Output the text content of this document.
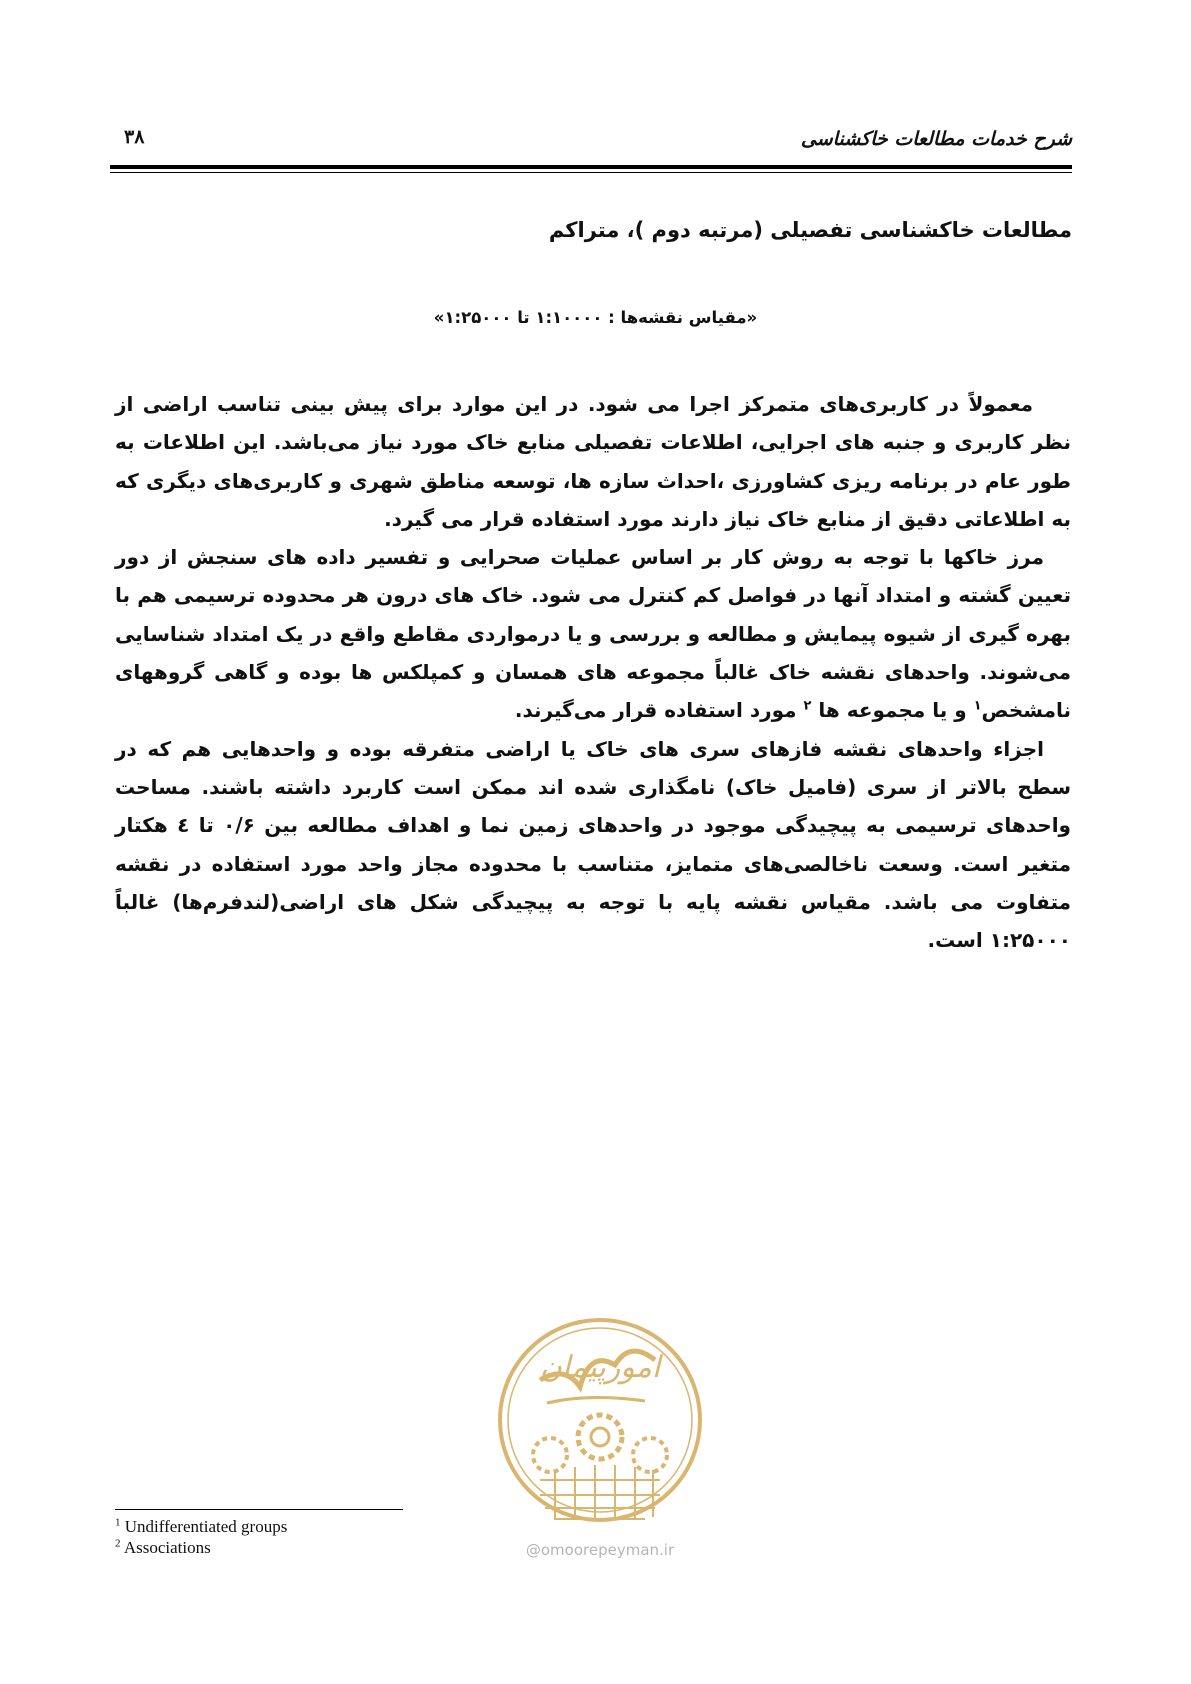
شرح خدمات مطالعات خاکشناسی
۳۸
مطالعات خاکشناسی تفصیلی (مرتبه دوم )، متراکم
«مقیاس نقشه‌ها : ۱:۱۰۰۰۰ تا ۱:۲۵۰۰۰»

معمولاً در کاربری‌های متمرکز اجرا می شود. در این موارد برای پیش بینی تناسب اراضی از نظر کاربری و جنبه های اجرایی، اطلاعات تفصیلی منابع خاک مورد نیاز می‌باشد. این اطلاعات به طور عام در برنامه ریزی کشاورزی ،احداث سازه ها، توسعه مناطق شهری و کاربری‌های دیگری که به اطلاعاتی دقیق از منابع خاک نیاز دارند مورد استفاده قرار می گیرد.

مرز خاکها با توجه به روش کار بر اساس عملیات صحرایی و تفسیر داده های سنجش از دور تعیین گشته و امتداد آنها در فواصل کم کنترل می شود. خاک های درون هر محدوده ترسیمی هم با بهره گیری از شیوه پیمایش و مطالعه و بررسی و یا درمواردی مقاطع واقع در یک امتداد شناسایی می‌شوند. واحدهای نقشه خاک غالباً مجموعه های همسان و کمپلکس ها بوده و گاهی گروههای نامشخص$^۱$ و یا مجموعه ها $^۲$ مورد استفاده قرار می‌گیرند.

اجزاء واحدهای نقشه فازهای سری های خاک یا اراضی متفرقه بوده و واحدهایی هم که در سطح بالاتر از سری (فامیل خاک) نامگذاری شده اند ممکن است کاربرد داشته باشند. مساحت واحدهای ترسیمی به پیچیدگی موجود در واحدهای زمین نما و اهداف مطالعه بین ۰/۶ تا ٤ هکتار متغیر است. وسعت ناخالصی‌های متمایز، متناسب با محدوده مجاز واحد مورد استفاده در نقشه متفاوت می باشد. مقیاس نقشه پایه با توجه به پیچیدگی شکل های اراضی(لندفرم‌ها) غالباً ۱:۲۵۰۰۰ است.

امورپیمان
@omoorepeyman.ir
$^1$ Undifferentiated groups
$^2$ Associations
